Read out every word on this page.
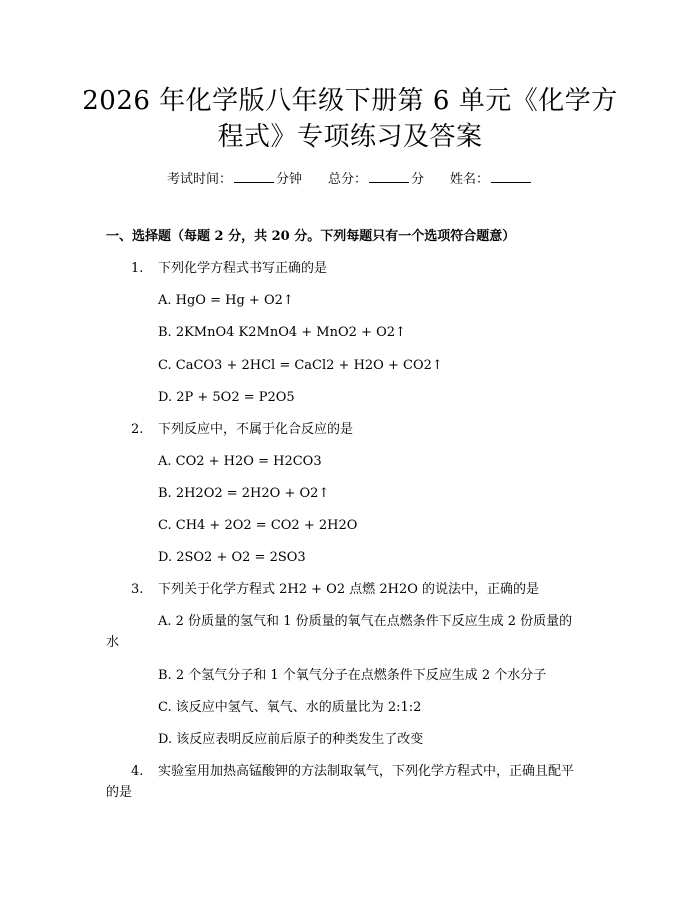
2026 年化学版八年级下册第 6 单元《化学方
程式》专项练习及答案
考试时间：	分钟 总分：	分 姓名：
一、选择题（每题 2 分，共 20 分。下列每题只有一个选项符合题意）
1. 下列化学方程式书写正确的是
A. HgO = Hg + O2↑
B. 2KMnO4 K2MnO4 + MnO2 + O2↑
C. CaCO3 + 2HCl = CaCl2 + H2O + CO2↑
D. 2P + 5O2 = P2O5
2. 下列反应中，不属于化合反应的是
A. CO2 + H2O = H2CO3
B. 2H2O2 = 2H2O + O2↑
C. CH4 + 2O2 = CO2 + 2H2O
D. 2SO2 + O2 = 2SO3
3. 下列关于化学方程式 2H2 + O2 点燃 2H2O 的说法中，正确的是
A. 2 份质量的氢气和 1 份质量的氧气在点燃条件下反应生成 2 份质量的
水
B. 2 个氢气分子和 1 个氧气分子在点燃条件下反应生成 2 个水分子
C. 该反应中氢气、氧气、水的质量比为 2:1:2
D. 该反应表明反应前后原子的种类发生了改变
4. 实验室用加热高锰酸钾的方法制取氧气，下列化学方程式中，正确且配平
的是
